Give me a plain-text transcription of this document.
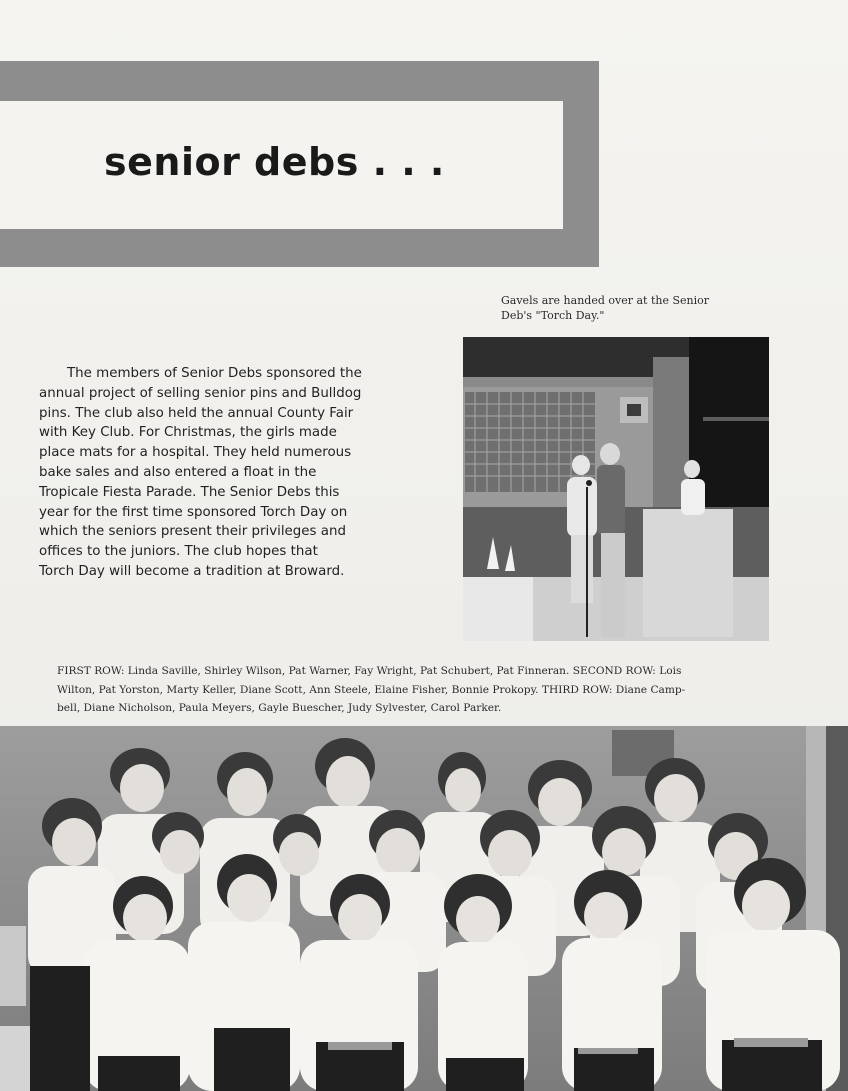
senior debs . . .
Gavels are handed over at the Senior
Deb's "Torch Day."
The members of Senior Debs sponsored the
annual project of selling senior pins and Bulldog
pins. The club also held the annual County Fair
with Key Club. For Christmas, the girls made
place mats for a hospital. They held numerous
bake sales and also entered a float in the
Tropicale Fiesta Parade. The Senior Debs this
year for the first time sponsored Torch Day on
which the seniors present their privileges and
offices to the juniors. The club hopes that
Torch Day will become a tradition at Broward.
FIRST ROW: Linda Saville, Shirley Wilson, Pat Warner, Fay Wright, Pat Schubert, Pat Finneran. SECOND ROW: Lois
Wilton, Pat Yorston, Marty Keller, Diane Scott, Ann Steele, Elaine Fisher, Bonnie Prokopy. THIRD ROW: Diane Camp-
bell, Diane Nicholson, Paula Meyers, Gayle Buescher, Judy Sylvester, Carol Parker.
